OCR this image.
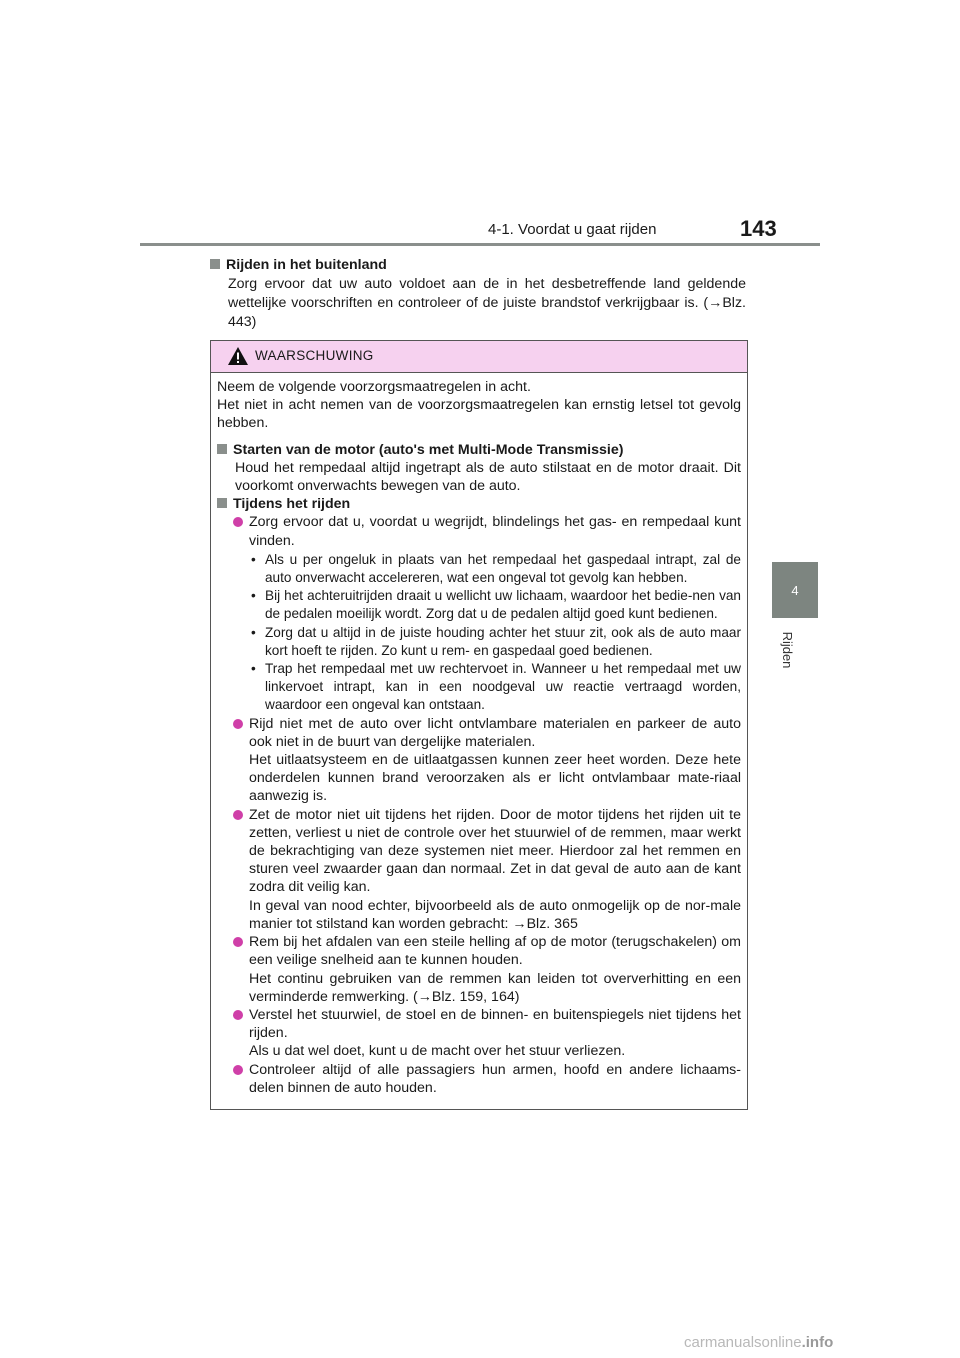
4-1. Voordat u gaat rijden	143
4
Rijden
Rijden in het buitenland
Zorg ervoor dat uw auto voldoet aan de in het desbetreffende land geldende wettelijke voorschriften en controleer of de juiste brandstof verkrijgbaar is. (→Blz. 443)
WAARSCHUWING
Neem de volgende voorzorgsmaatregelen in acht.
Het niet in acht nemen van de voorzorgsmaatregelen kan ernstig letsel tot gevolg hebben.
Starten van de motor (auto's met Multi-Mode Transmissie)
Houd het rempedaal altijd ingetrapt als de auto stilstaat en de motor draait. Dit voorkomt onverwachts bewegen van de auto.
Tijdens het rijden
Zorg ervoor dat u, voordat u wegrijdt, blindelings het gas- en rempedaal kunt vinden.
• Als u per ongeluk in plaats van het rempedaal het gaspedaal intrapt, zal de auto onverwacht accelereren, wat een ongeval tot gevolg kan hebben.
• Bij het achteruitrijden draait u wellicht uw lichaam, waardoor het bedie-nen van de pedalen moeilijk wordt. Zorg dat u de pedalen altijd goed kunt bedienen.
• Zorg dat u altijd in de juiste houding achter het stuur zit, ook als de auto maar kort hoeft te rijden. Zo kunt u rem- en gaspedaal goed bedienen.
• Trap het rempedaal met uw rechtervoet in. Wanneer u het rempedaal met uw linkervoet intrapt, kan in een noodgeval uw reactie vertraagd worden, waardoor een ongeval kan ontstaan.
Rijd niet met de auto over licht ontvlambare materialen en parkeer de auto ook niet in de buurt van dergelijke materialen.
Het uitlaatsysteem en de uitlaatgassen kunnen zeer heet worden. Deze hete onderdelen kunnen brand veroorzaken als er licht ontvlambaar mate-riaal aanwezig is.
Zet de motor niet uit tijdens het rijden. Door de motor tijdens het rijden uit te zetten, verliest u niet de controle over het stuurwiel of de remmen, maar werkt de bekrachtiging van deze systemen niet meer. Hierdoor zal het remmen en sturen veel zwaarder gaan dan normaal. Zet in dat geval de auto aan de kant zodra dit veilig kan.
In geval van nood echter, bijvoorbeeld als de auto onmogelijk op de nor-male manier tot stilstand kan worden gebracht: →Blz. 365
Rem bij het afdalen van een steile helling af op de motor (terugschakelen) om een veilige snelheid aan te kunnen houden.
Het continu gebruiken van de remmen kan leiden tot oververhitting en een verminderde remwerking. (→Blz. 159, 164)
Verstel het stuurwiel, de stoel en de binnen- en buitenspiegels niet tijdens het rijden.
Als u dat wel doet, kunt u de macht over het stuur verliezen.
Controleer altijd of alle passagiers hun armen, hoofd en andere lichaams-delen binnen de auto houden.
carmanualsonline.info
